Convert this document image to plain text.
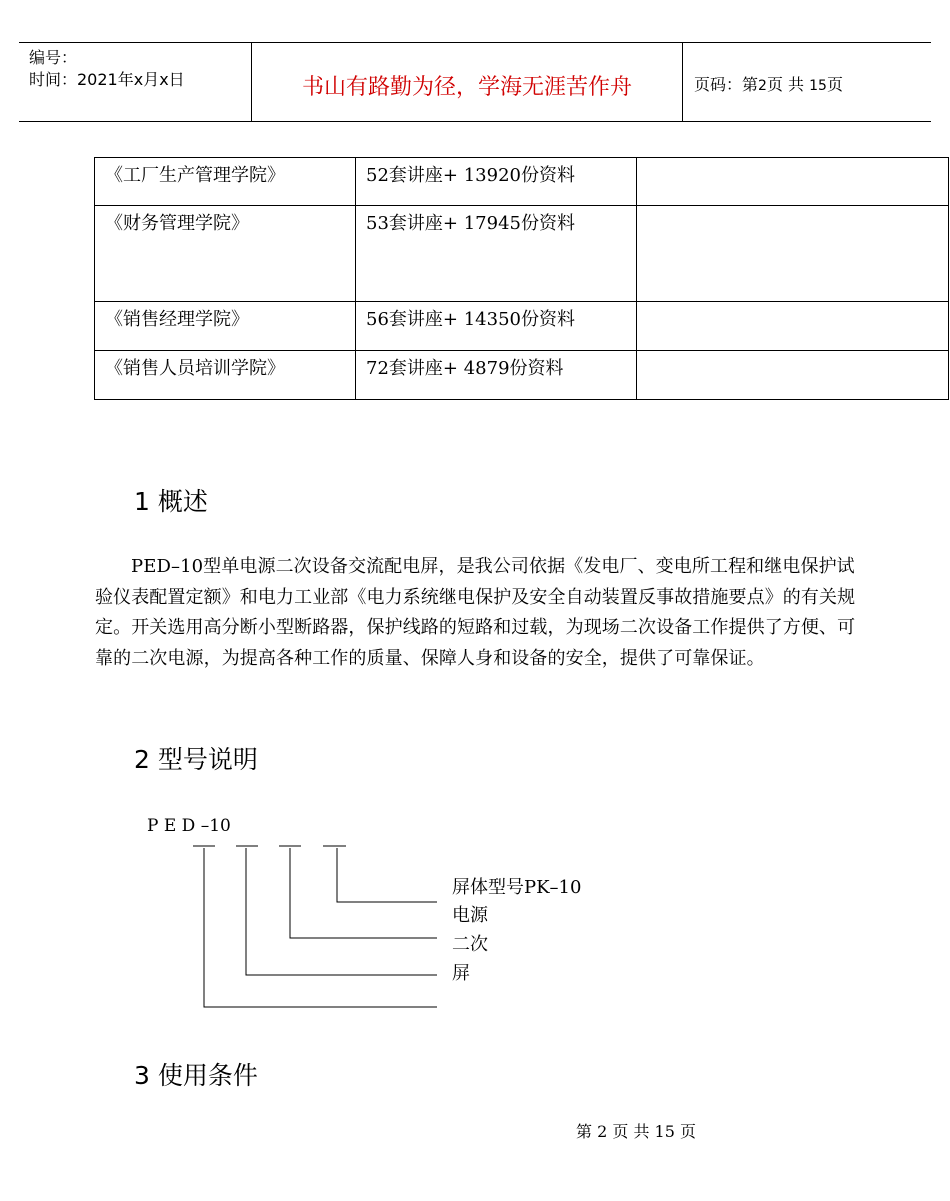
编号：
时间：2021年x月x日	书山有路勤为径，学海无涯苦作舟	页码：第2页 共 15页
《工厂生产管理学院》	52套讲座+ 13920份资料	
《财务管理学院》	53套讲座+ 17945份资料	

《销售经理学院》	56套讲座+ 14350份资料	
《销售人员培训学院》	72套讲座+ 4879份资料	
1 概述
PED–10型单电源二次设备交流配电屏，是我公司依据《发电厂、变电所工程和继电保护试验仪表配置定额》和电力工业部《电力系统继电保护及安全自动装置反事故措施要点》的有关规定。开关选用高分断小型断路器，保护线路的短路和过载，为现场二次设备工作提供了方便、可靠的二次电源，为提高各种工作的质量、保障人身和设备的安全，提供了可靠保证。
2 型号说明
P E D –10
屏体型号PK–10
电源
二次
屏
3 使用条件
第 2 页 共 15 页
